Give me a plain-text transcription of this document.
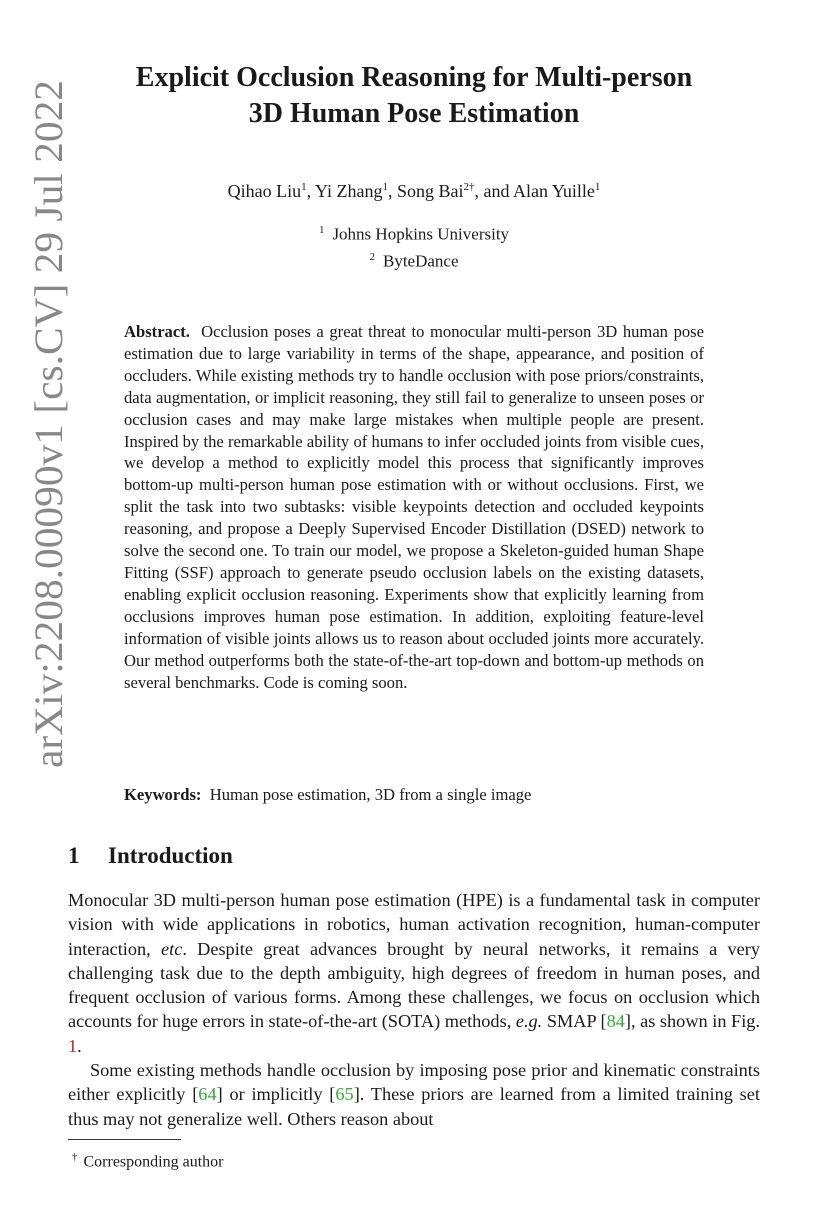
arXiv:2208.00090v1 [cs.CV] 29 Jul 2022
Explicit Occlusion Reasoning for Multi-person
3D Human Pose Estimation
Qihao Liu$^1$, Yi Zhang$^1$, Song Bai$^{2\dagger}$, and Alan Yuille$^1$
$^1$ Johns Hopkins University
$^2$ ByteDance
Abstract. Occlusion poses a great threat to monocular multi-person 3D human pose estimation due to large variability in terms of the shape, appearance, and position of occluders. While existing methods try to handle occlusion with pose priors/constraints, data augmentation, or implicit reasoning, they still fail to generalize to unseen poses or occlusion cases and may make large mistakes when multiple people are present. Inspired by the remarkable ability of humans to infer occluded joints from visible cues, we develop a method to explicitly model this process that significantly improves bottom-up multi-person human pose estimation with or without occlusions. First, we split the task into two subtasks: visible keypoints detection and occluded keypoints reasoning, and propose a Deeply Supervised Encoder Distillation (DSED) network to solve the second one. To train our model, we propose a Skeleton-guided human Shape Fitting (SSF) approach to generate pseudo occlusion labels on the existing datasets, enabling explicit occlusion reasoning. Experiments show that explicitly learning from occlusions improves human pose estimation. In addition, exploiting feature-level information of visible joints allows us to reason about occluded joints more accurately. Our method outperforms both the state-of-the-art top-down and bottom-up methods on several benchmarks. Code is coming soon.
Keywords: Human pose estimation, 3D from a single image
1 Introduction

Monocular 3D multi-person human pose estimation (HPE) is a fundamental task in computer vision with wide applications in robotics, human activation recognition, human-computer interaction, etc. Despite great advances brought by neural networks, it remains a very challenging task due to the depth ambiguity, high degrees of freedom in human poses, and frequent occlusion of various forms. Among these challenges, we focus on occlusion which accounts for huge errors in state-of-the-art (SOTA) methods, e.g. SMAP [84], as shown in Fig. 1.

Some existing methods handle occlusion by imposing pose prior and kinematic constraints either explicitly [64] or implicitly [65]. These priors are learned from a limited training set thus may not generalize well. Others reason about

† Corresponding author
